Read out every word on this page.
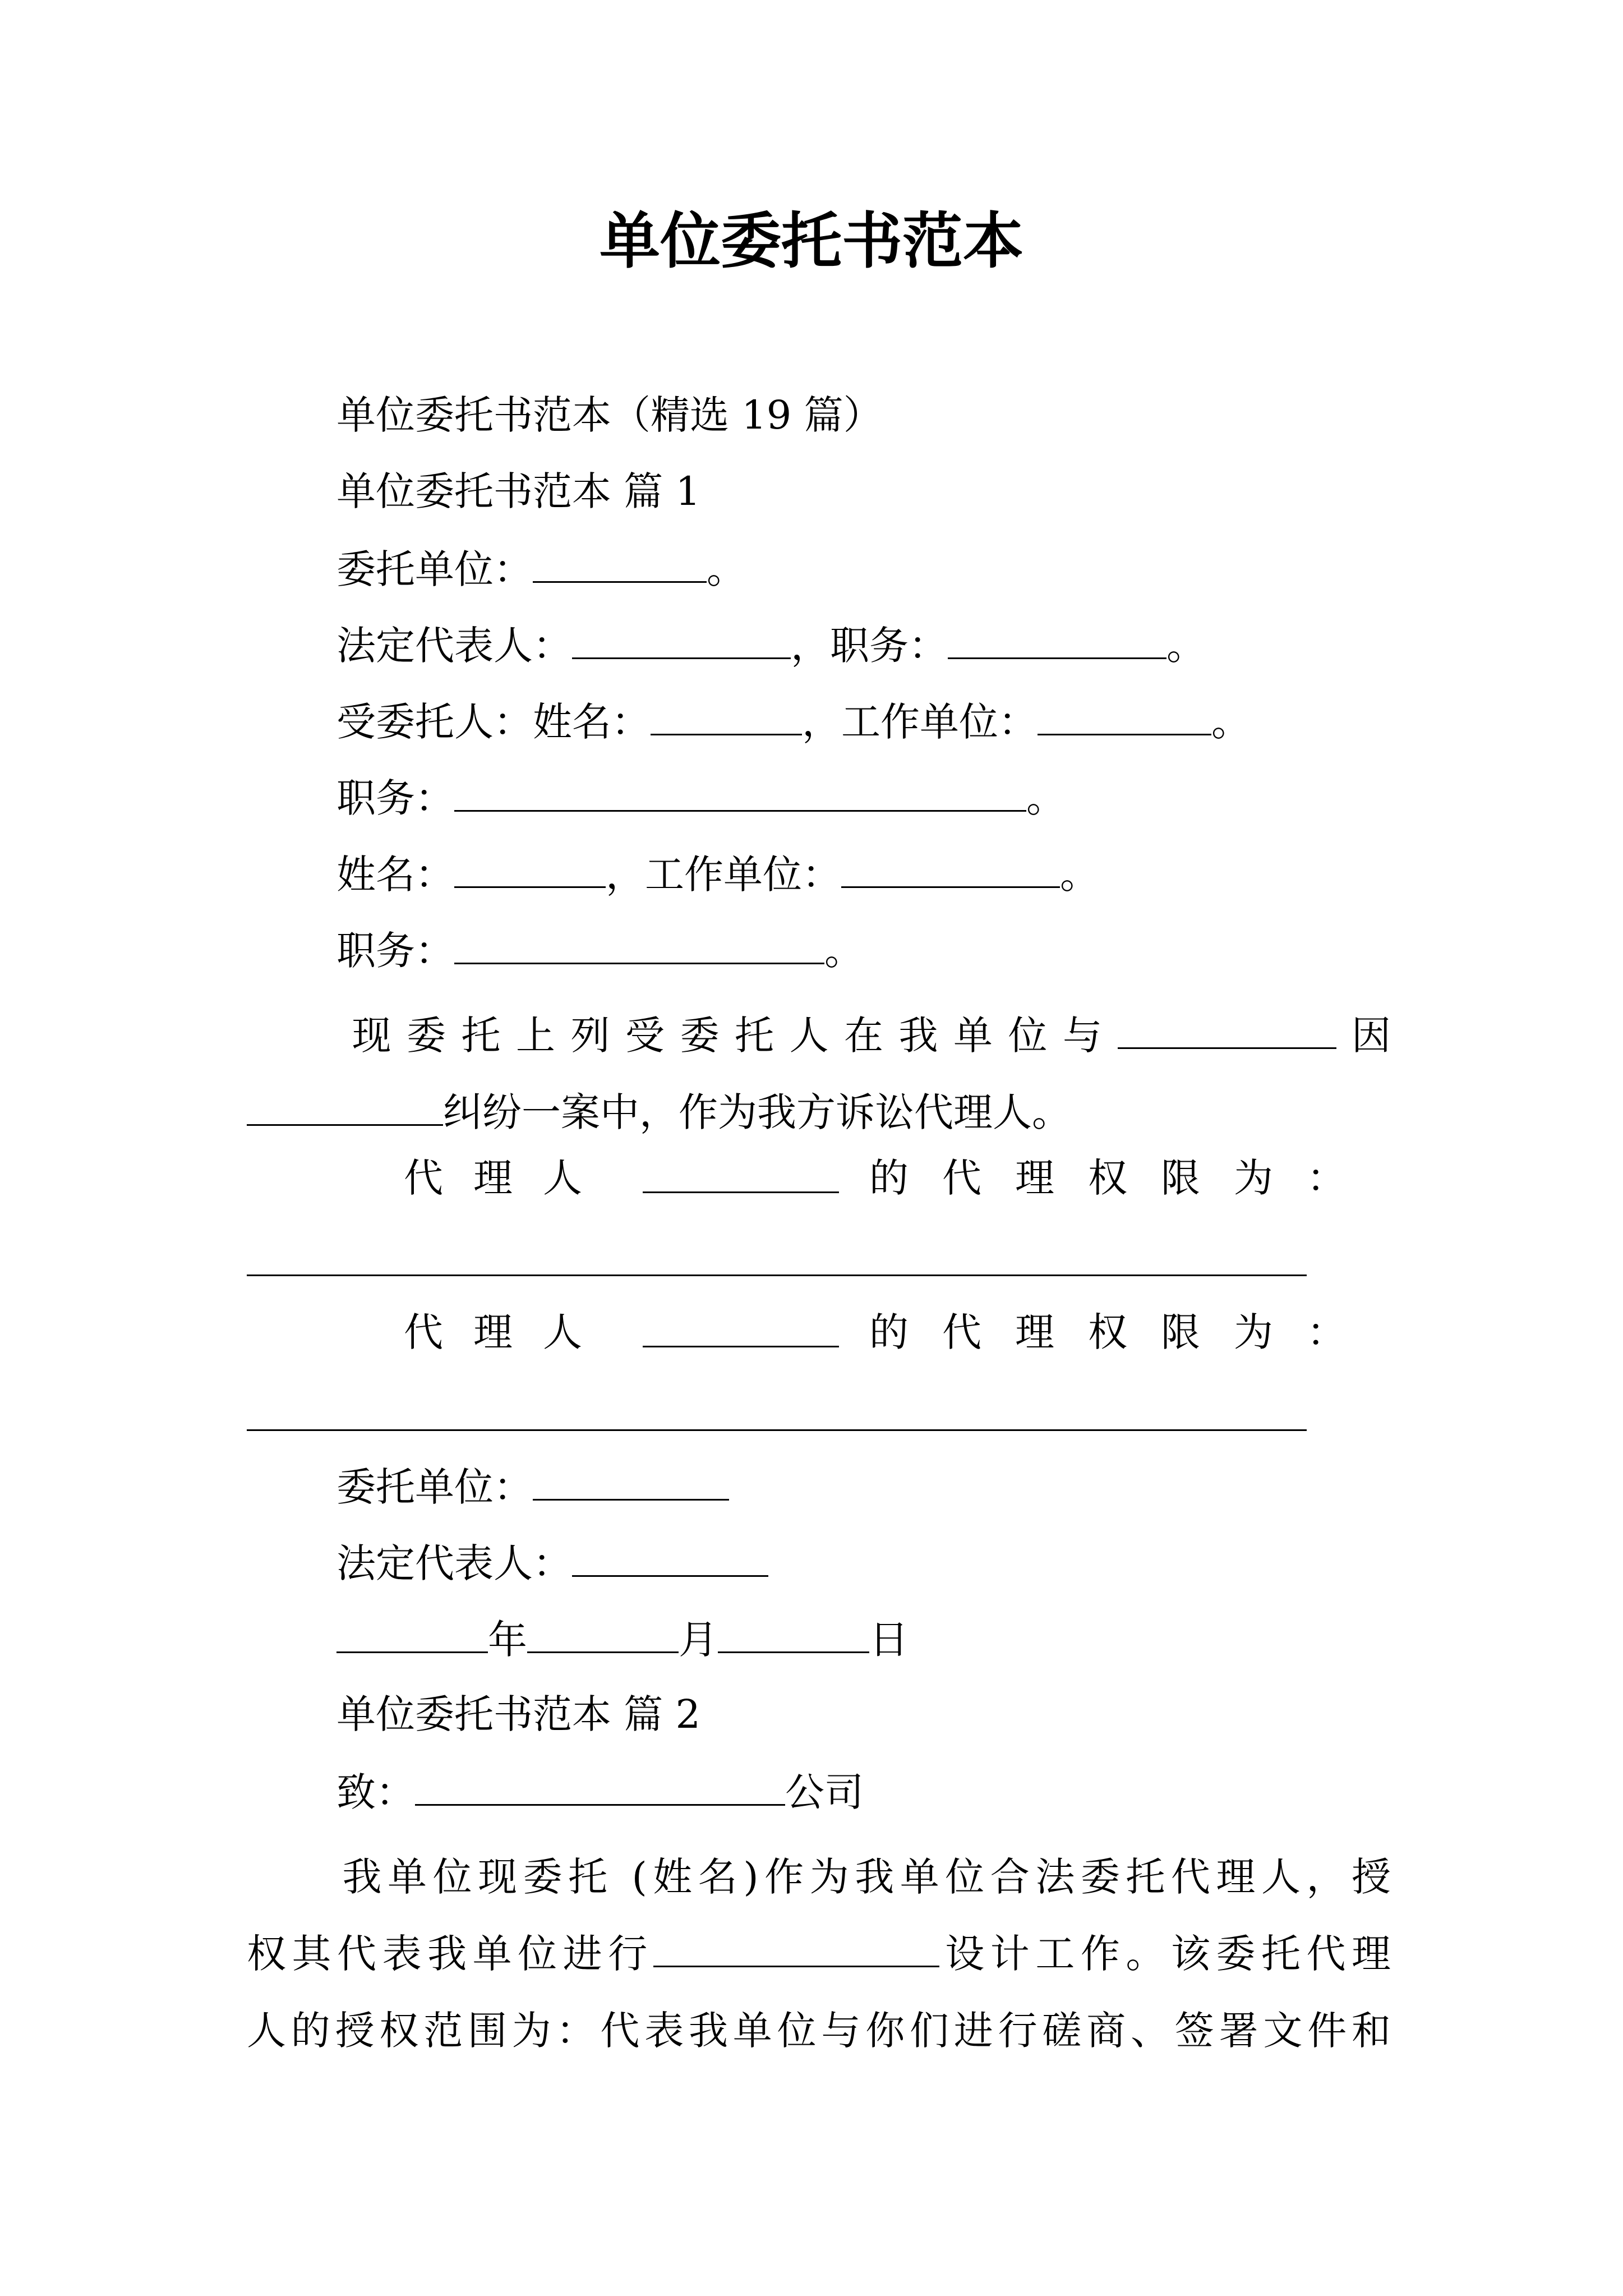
单位委托书范本
单位委托书范本（精选 19 篇）
单位委托书范本 篇 1
委托单位：	。
法定代表人：	，职务：	。
受委托人：姓名：	，工作单位：	。
职务：	。
姓名：	，工作单位：	。
职务：	。
现委托上列受委托人在我单位与	因
纠纷一案中，作为我方诉讼代理人。
代理人	的代理权限为：
代理人	的代理权限为：
委托单位：
法定代表人：
年	月	日
单位委托书范本 篇 2
致：	公司
我单位现委托 (姓名)作为我单位合法委托代理人，授
权其代表我单位进行	设计工作。该委托代理
人的授权范围为：代表我单位与你们进行磋商、签署文件和
